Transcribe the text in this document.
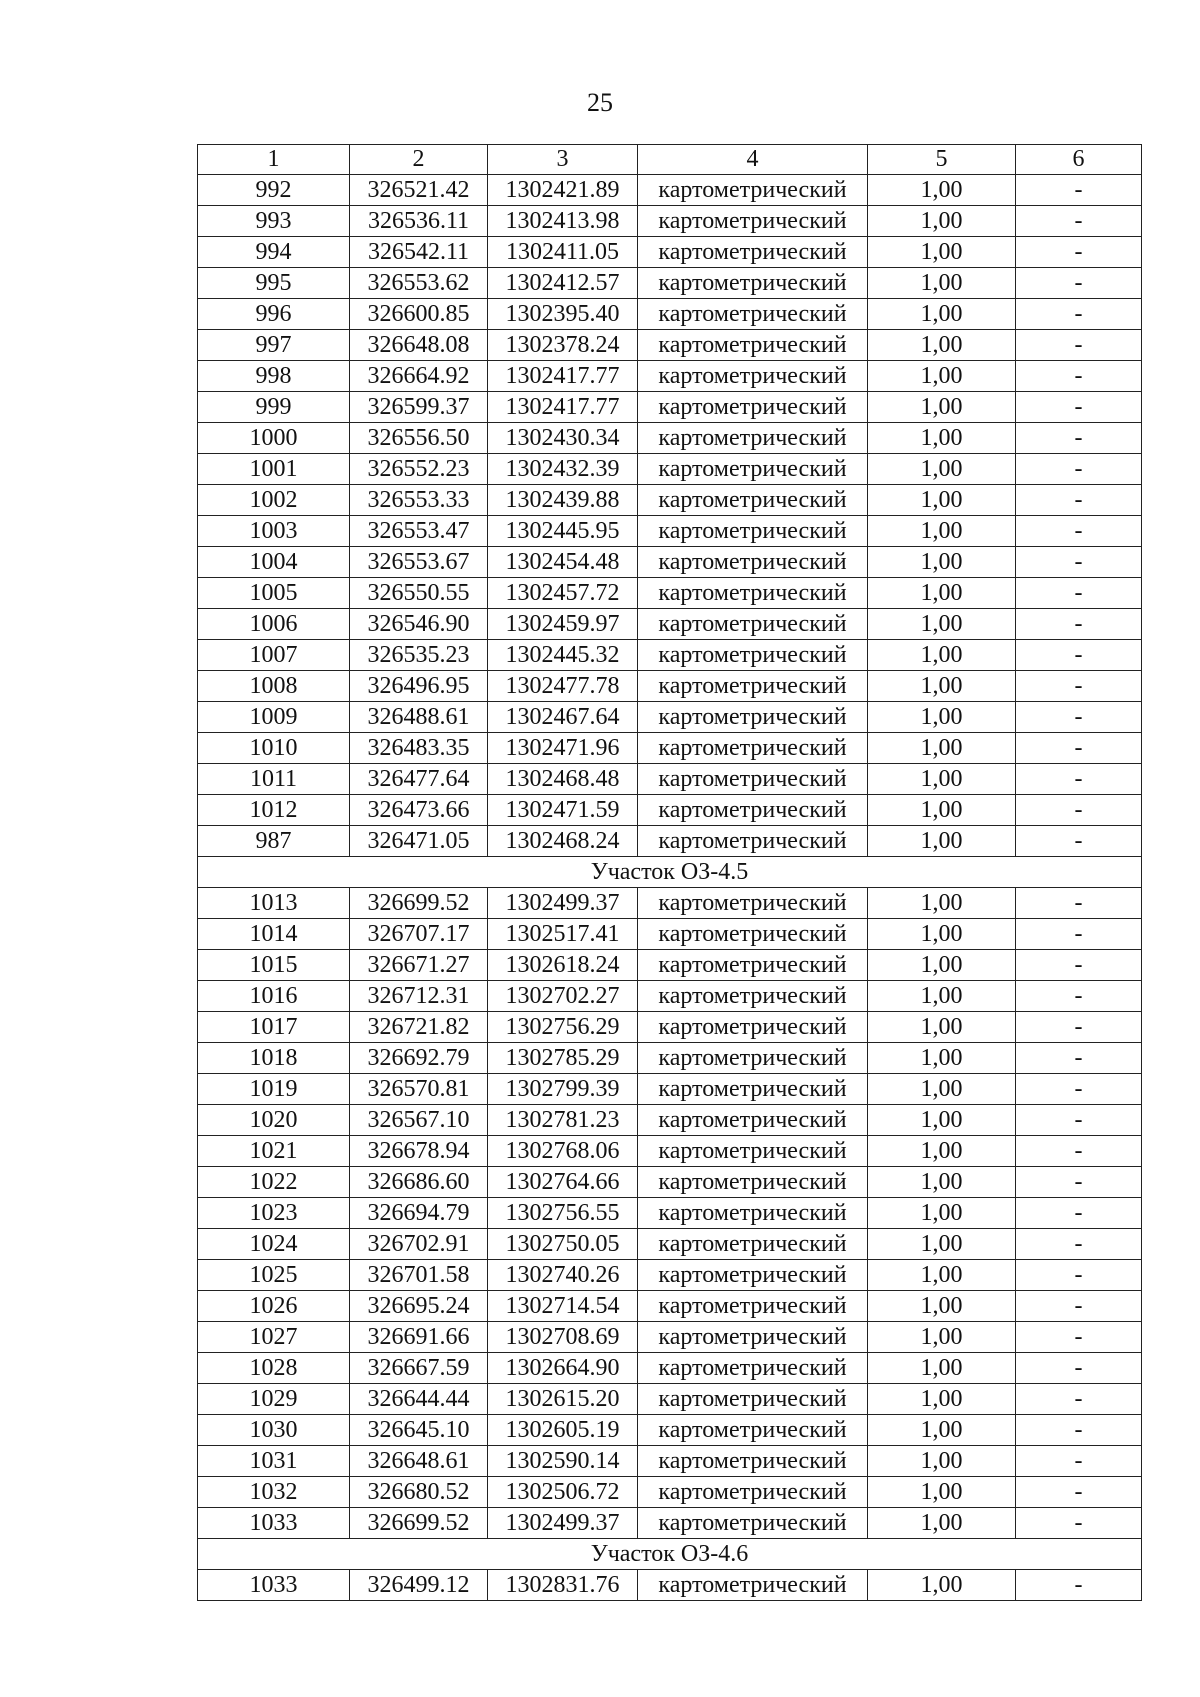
25
1	2	3	4	5	6
992	326521.42	1302421.89	картометрический	1,00	-
993	326536.11	1302413.98	картометрический	1,00	-
994	326542.11	1302411.05	картометрический	1,00	-
995	326553.62	1302412.57	картометрический	1,00	-
996	326600.85	1302395.40	картометрический	1,00	-
997	326648.08	1302378.24	картометрический	1,00	-
998	326664.92	1302417.77	картометрический	1,00	-
999	326599.37	1302417.77	картометрический	1,00	-
1000	326556.50	1302430.34	картометрический	1,00	-
1001	326552.23	1302432.39	картометрический	1,00	-
1002	326553.33	1302439.88	картометрический	1,00	-
1003	326553.47	1302445.95	картометрический	1,00	-
1004	326553.67	1302454.48	картометрический	1,00	-
1005	326550.55	1302457.72	картометрический	1,00	-
1006	326546.90	1302459.97	картометрический	1,00	-
1007	326535.23	1302445.32	картометрический	1,00	-
1008	326496.95	1302477.78	картометрический	1,00	-
1009	326488.61	1302467.64	картометрический	1,00	-
1010	326483.35	1302471.96	картометрический	1,00	-
1011	326477.64	1302468.48	картометрический	1,00	-
1012	326473.66	1302471.59	картометрический	1,00	-
987	326471.05	1302468.24	картометрический	1,00	-
Участок ОЗ-4.5					
1013	326699.52	1302499.37	картометрический	1,00	-
1014	326707.17	1302517.41	картометрический	1,00	-
1015	326671.27	1302618.24	картометрический	1,00	-
1016	326712.31	1302702.27	картометрический	1,00	-
1017	326721.82	1302756.29	картометрический	1,00	-
1018	326692.79	1302785.29	картометрический	1,00	-
1019	326570.81	1302799.39	картометрический	1,00	-
1020	326567.10	1302781.23	картометрический	1,00	-
1021	326678.94	1302768.06	картометрический	1,00	-
1022	326686.60	1302764.66	картометрический	1,00	-
1023	326694.79	1302756.55	картометрический	1,00	-
1024	326702.91	1302750.05	картометрический	1,00	-
1025	326701.58	1302740.26	картометрический	1,00	-
1026	326695.24	1302714.54	картометрический	1,00	-
1027	326691.66	1302708.69	картометрический	1,00	-
1028	326667.59	1302664.90	картометрический	1,00	-
1029	326644.44	1302615.20	картометрический	1,00	-
1030	326645.10	1302605.19	картометрический	1,00	-
1031	326648.61	1302590.14	картометрический	1,00	-
1032	326680.52	1302506.72	картометрический	1,00	-
1033	326699.52	1302499.37	картометрический	1,00	-
Участок ОЗ-4.6					
1033	326499.12	1302831.76	картометрический	1,00	-
